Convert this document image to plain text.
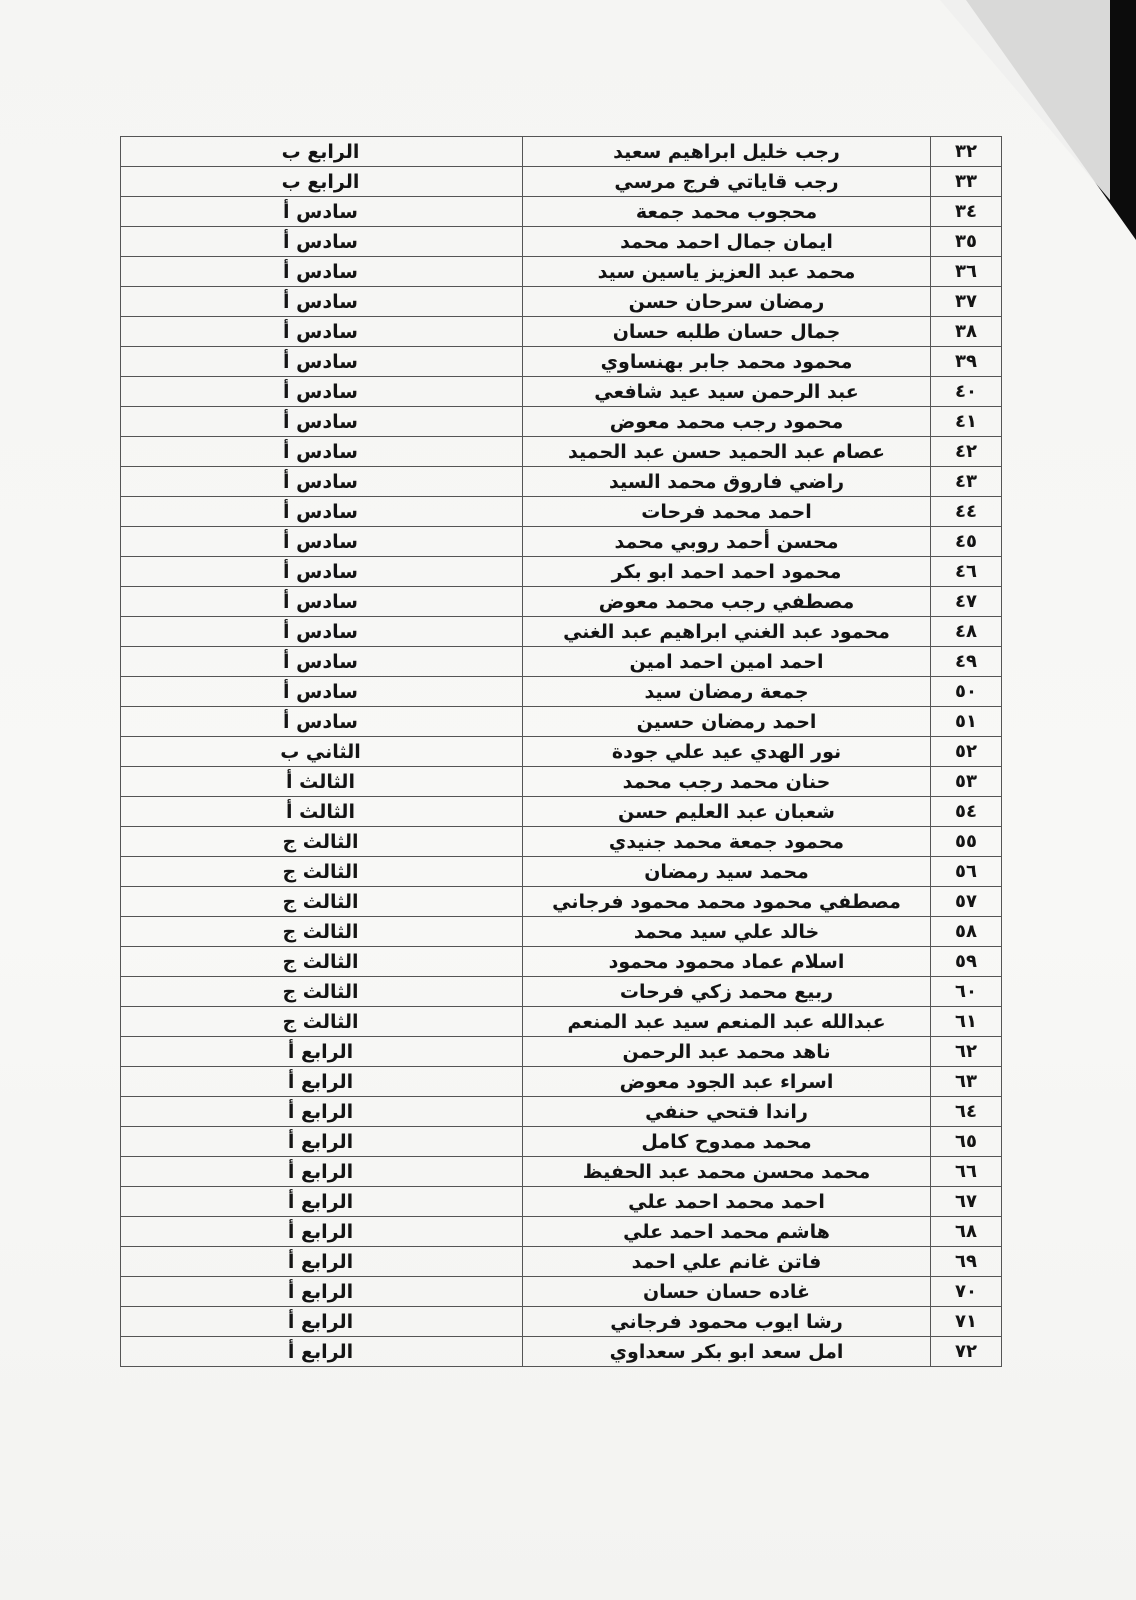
٣٢
رجب خليل ابراهيم سعيد
الرابع ب
٣٣
رجب قاياتي فرج مرسي
الرابع ب
٣٤
محجوب محمد جمعة
سادس أ
٣٥
ايمان جمال احمد محمد
سادس أ
٣٦
محمد عبد العزيز ياسين سيد
سادس أ
٣٧
رمضان سرحان حسن
سادس أ
٣٨
جمال حسان طلبه حسان
سادس أ
٣٩
محمود محمد جابر بهنساوي
سادس أ
٤٠
عبد الرحمن سيد عيد شافعي
سادس أ
٤١
محمود رجب محمد معوض
سادس أ
٤٢
عصام عبد الحميد حسن عبد الحميد
سادس أ
٤٣
راضي فاروق محمد السيد
سادس أ
٤٤
احمد محمد فرحات
سادس أ
٤٥
محسن أحمد روبي محمد
سادس أ
٤٦
محمود احمد احمد ابو بكر
سادس أ
٤٧
مصطفي رجب محمد معوض
سادس أ
٤٨
محمود عبد الغني ابراهيم عبد الغني
سادس أ
٤٩
احمد امين احمد امين
سادس أ
٥٠
جمعة رمضان سيد
سادس أ
٥١
احمد رمضان حسين
سادس أ
٥٢
نور الهدي عيد علي جودة
الثاني ب
٥٣
حنان محمد رجب محمد
الثالث أ
٥٤
شعبان عبد العليم حسن
الثالث أ
٥٥
محمود جمعة محمد جنيدي
الثالث ج
٥٦
محمد سيد رمضان
الثالث ج
٥٧
مصطفي محمود محمد محمود فرجاني
الثالث ج
٥٨
خالد علي سيد محمد
الثالث ج
٥٩
اسلام عماد محمود محمود
الثالث ج
٦٠
ربيع محمد زكي فرحات
الثالث ج
٦١
عبدالله عبد المنعم سيد عبد المنعم
الثالث ج
٦٢
ناهد محمد عبد الرحمن
الرابع أ
٦٣
اسراء عبد الجود معوض
الرابع أ
٦٤
راندا فتحي حنفي
الرابع أ
٦٥
محمد ممدوح كامل
الرابع أ
٦٦
محمد محسن محمد عبد الحفيظ
الرابع أ
٦٧
احمد محمد احمد علي
الرابع أ
٦٨
هاشم محمد احمد علي
الرابع أ
٦٩
فاتن غانم علي احمد
الرابع أ
٧٠
غاده حسان حسان
الرابع أ
٧١
رشا ايوب محمود فرجاني
الرابع أ
٧٢
امل سعد ابو بكر سعداوي
الرابع أ
